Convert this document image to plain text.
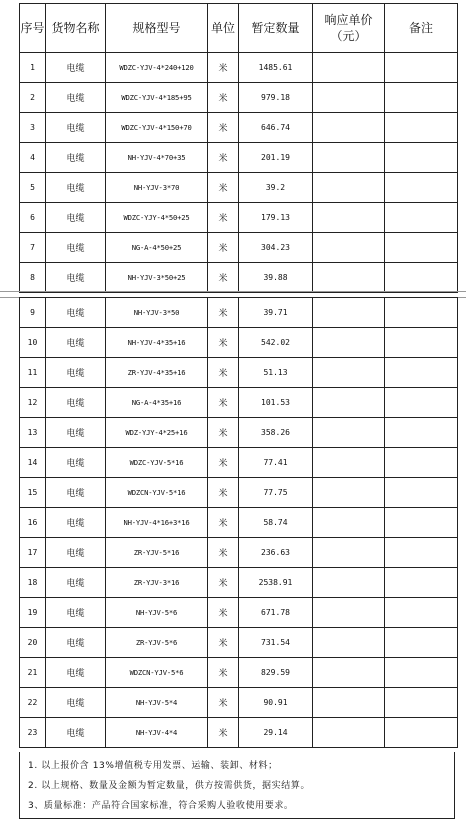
序号	货物名称	规格型号	单位	暂定数量	响应单价（元）	备注
1	电缆	WDZC-YJV-4*240+120	米	1485.61		
2	电缆	WDZC-YJV-4*185+95	米	979.18		
3	电缆	WDZC-YJV-4*150+70	米	646.74		
4	电缆	NH-YJV-4*70+35	米	201.19		
5	电缆	NH-YJV-3*70	米	39.2		
6	电缆	WDZC-YJY-4*50+25	米	179.13		
7	电缆	NG-A-4*50+25	米	304.23		
8	电缆	NH-YJV-3*50+25	米	39.88		
9	电缆	NH-YJV-3*50	米	39.71		
10	电缆	NH-YJV-4*35+16	米	542.02		
11	电缆	ZR-YJV-4*35+16	米	51.13		
12	电缆	NG-A-4*35+16	米	101.53		
13	电缆	WDZ-YJY-4*25+16	米	358.26		
14	电缆	WDZC-YJV-5*16	米	77.41		
15	电缆	WDZCN-YJV-5*16	米	77.75		
16	电缆	NH-YJV-4*16+3*16	米	58.74		
17	电缆	ZR-YJV-5*16	米	236.63		
18	电缆	ZR-YJV-3*16	米	2538.91		
19	电缆	NH-YJV-5*6	米	671.78		
20	电缆	ZR-YJV-5*6	米	731.54		
21	电缆	WDZCN-YJV-5*6	米	829.59		
22	电缆	NH-YJV-5*4	米	90.91		
23	电缆	NH-YJV-4*4	米	29.14		
1. 以上报价含 13%增值税专用发票、运输、装卸、材料；
2. 以上规格、数量及金额为暂定数量，供方按需供货，据实结算。
3、质量标准：产品符合国家标准，符合采购人验收使用要求。
